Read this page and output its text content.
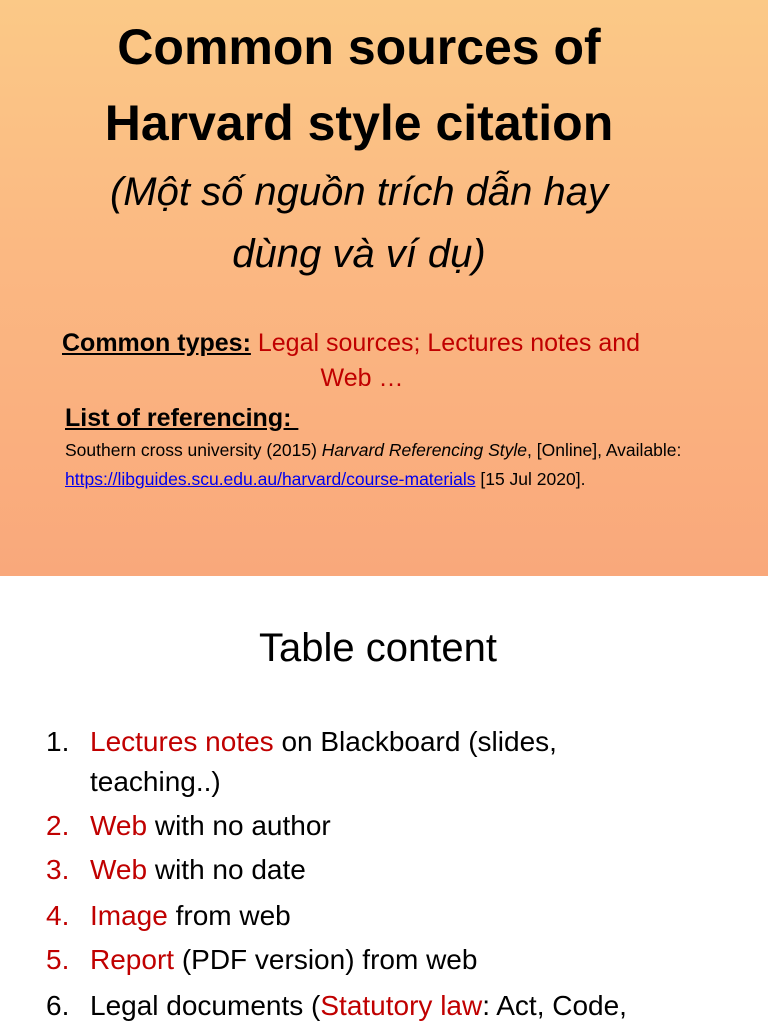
Common sources of
Harvard style citation
(Một số nguồn trích dẫn hay
dùng và ví dụ)
Common types: Legal sources; Lectures notes and
Web …
List of referencing:
Southern cross university (2015) Harvard Referencing Style, [Online], Available: https://libguides.scu.edu.au/harvard/course-materials [15 Jul 2020].
Table content
1. Lectures notes on Blackboard (slides,
teaching..)
2. Web with no author
3. Web with no date
4. Image from web
5. Report (PDF version) from web
6. Legal documents (Statutory law: Act, Code,
